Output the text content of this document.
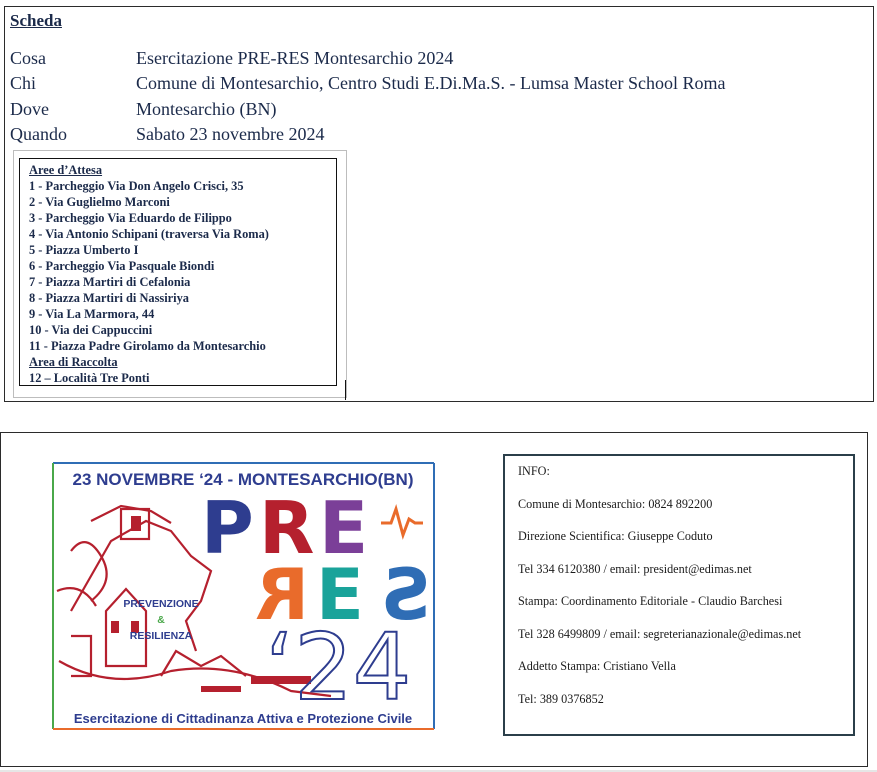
Scheda
Cosa	Esercitazione PRE-RES Montesarchio 2024
Chi	Comune di Montesarchio, Centro Studi E.Di.Ma.S. - Lumsa Master School Roma
Dove	Montesarchio (BN)
Quando	Sabato 23 novembre 2024
Aree d’Attesa
1 - Parcheggio Via Don Angelo Crisci, 35
2 - Via Guglielmo Marconi
3 - Parcheggio Via Eduardo de Filippo
4 - Via Antonio Schipani (traversa Via Roma)
5 - Piazza Umberto I
6 - Parcheggio Via Pasquale Biondi
7 - Piazza Martiri di Cefalonia
8 - Piazza Martiri di Nassiriya
9 - Via La Marmora, 44
10 - Via dei Cappuccini
11 - Piazza Padre Girolamo da Montesarchio
Area di Raccolta
12 – Località Tre Ponti
23 NOVEMBRE ‘24 - MONTESARCHIO(BN)
P R E
R E S
‘24
PREVENZIONE
&
RESILIENZA
Esercitazione di Cittadinanza Attiva e Protezione Civile
INFO:
Comune di Montesarchio: 0824 892200
Direzione Scientifica: Giuseppe Coduto
Tel 334 6120380 / email: president@edimas.net
Stampa: Coordinamento Editoriale - Claudio Barchesi
Tel 328 6499809 / email: segreterianazionale@edimas.net
Addetto Stampa: Cristiano Vella
Tel: 389 0376852
